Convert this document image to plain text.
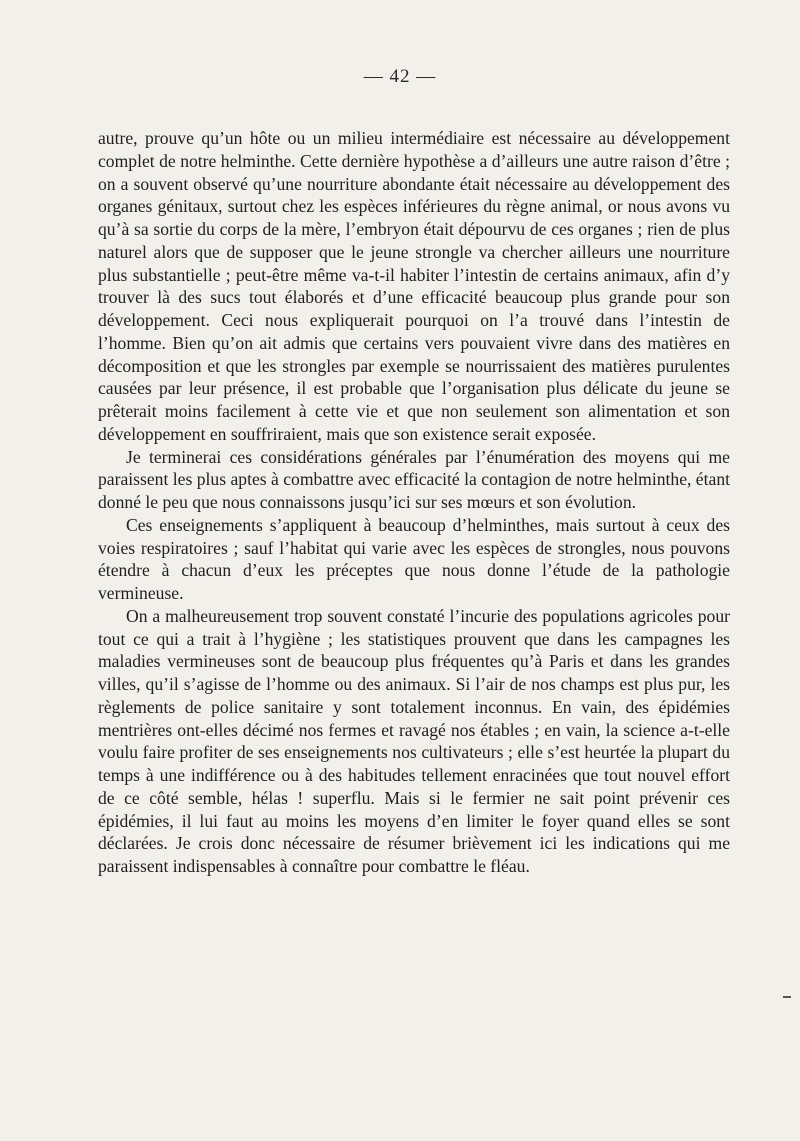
— 42 —

autre, prouve qu’un hôte ou un milieu intermédiaire est nécessaire au développement complet de notre helminthe. Cette dernière hypothèse a d’ailleurs une autre raison d’être ; on a souvent observé qu’une nourriture abondante était nécessaire au développement des organes génitaux, surtout chez les espèces inférieures du règne animal, or nous avons vu qu’à sa sortie du corps de la mère, l’embryon était dépourvu de ces organes ; rien de plus naturel alors que de supposer que le jeune strongle va chercher ailleurs une nourriture plus substantielle ; peut-être même va-t-il habiter l’intestin de certains animaux, afin d’y trouver là des sucs tout élaborés et d’une efficacité beaucoup plus grande pour son développement. Ceci nous expliquerait pourquoi on l’a trouvé dans l’intestin de l’homme. Bien qu’on ait admis que certains vers pouvaient vivre dans des matières en décomposition et que les strongles par exemple se nourrissaient des matières purulentes causées par leur présence, il est probable que l’organisation plus délicate du jeune se prêterait moins facilement à cette vie et que non seulement son alimentation et son développement en souffriraient, mais que son existence serait exposée.

Je terminerai ces considérations générales par l’énumération des moyens qui me paraissent les plus aptes à combattre avec efficacité la contagion de notre helminthe, étant donné le peu que nous connaissons jusqu’ici sur ses mœurs et son évolution.

Ces enseignements s’appliquent à beaucoup d’helminthes, mais surtout à ceux des voies respiratoires ; sauf l’habitat qui varie avec les espèces de strongles, nous pouvons étendre à chacun d’eux les préceptes que nous donne l’étude de la pathologie vermineuse.

On a malheureusement trop souvent constaté l’incurie des populations agricoles pour tout ce qui a trait à l’hygiène ; les statistiques prouvent que dans les campagnes les maladies vermineuses sont de beaucoup plus fréquentes qu’à Paris et dans les grandes villes, qu’il s’agisse de l’homme ou des animaux. Si l’air de nos champs est plus pur, les règlements de police sanitaire y sont totalement inconnus. En vain, des épidémies mentrières ont-elles décimé nos fermes et ravagé nos étables ; en vain, la science a-t-elle voulu faire profiter de ses enseignements nos cultivateurs ; elle s’est heurtée la plupart du temps à une indifférence ou à des habitudes tellement enracinées que tout nouvel effort de ce côté semble, hélas ! superflu. Mais si le fermier ne sait point prévenir ces épidémies, il lui faut au moins les moyens d’en limiter le foyer quand elles se sont déclarées. Je crois donc nécessaire de résumer brièvement ici les indications qui me paraissent indispensables à connaître pour combattre le fléau.
